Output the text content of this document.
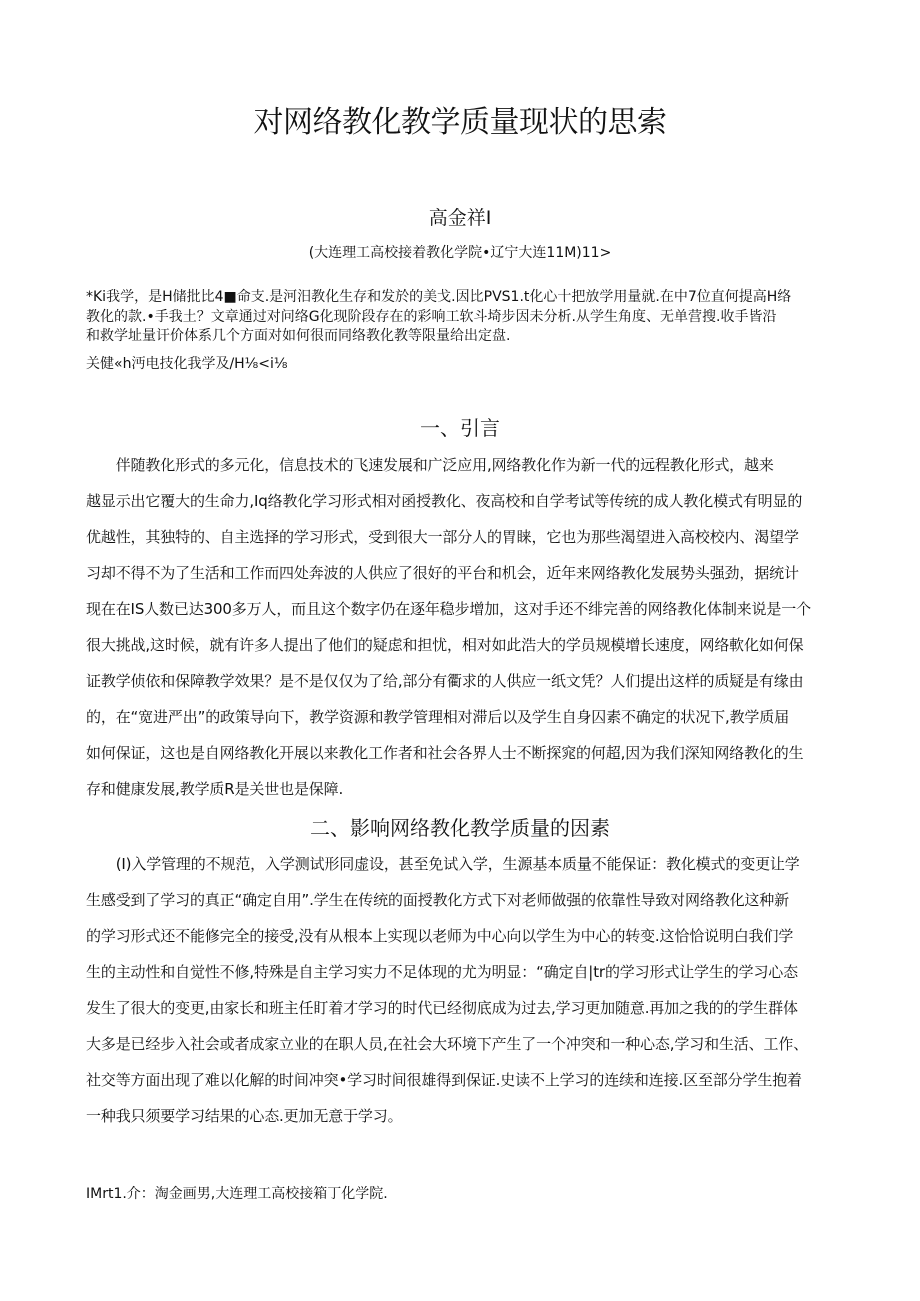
对网络教化教学质量现状的思索
高金祥I
(大连理工高校接着教化学院•辽宁大连11M)11>
*Ki我学，是H储批比4■命支.是河汨教化生存和发於的美戈.因比PVS1.t化心十把放学用量就.在中7位直何提高H络
教化的款.•手我土？文章通过对问络G化现阶段存在的彩响工软斗埼步因未分析.从学生角度、无单营搜.收手皆沿
和救学址量讦价体系几个方面对如何很而同络教化教等限量给出定盘.
关健«h沔电技化我学及/H⅛<i⅛
一、引言
　　伴随教化形式的多元化，信息技术的飞速发展和广泛应用,网络教化作为新一代的远程教化形式，越来
越显示出它覆大的生命力,Iq络教化学习形式相对函授教化、夜高校和自学考试等传统的成人教化模式有明显的
优越性，其独特的、自主选择的学习形式，受到很大一部分人的胃睐，它也为那些渴望进入高校校内、渴望学
习却不得不为了生活和工作而四处奔波的人供应了很好的平台和机会，近年来网络教化发展势头强劲，据统计
现在在IS人数已达300多万人，而且这个数字仍在逐年稳步增加，这对手还不绯完善的网络教化体制来说是一个
很大挑战,这时候，就有许多人提出了他们的疑虑和担忧，相对如此浩大的学员规模增长速度，网络軟化如何保
证教学侦依和保障教学效果？是不是仅仅为了给,部分有衢求的人供应一纸文凭？人们提出这样的质疑是有缘由
的，在“宽进严出”的政策导向下，教学资源和教学管理相对滞后以及学生自身囚素不确定的状况下,教学质届
如何保证，这也是自网络教化开展以来教化工作者和社会各界人士不断探窕的何超,因为我们深知网络教化的生
存和健康发展,教学质R是关世也是保障.
二、影响网络教化教学质量的因素
　　(I)入学管理的不规范，入学测试形同虚设，甚至免试入学，生源基本质量不能保证：教化模式的变更让学
生感受到了学习的真正“确定自用”.学生在传统的面授教化方式下对老师做强的依靠性导致对网络教化这种新
的学习形式还不能修完全的接受,没有从根本上实现以老师为中心向以学生为中心的转变.这恰恰说明白我们学
生的主动性和自觉性不修,特殊是自主学习实力不足体现的尤为明显：“确定自|tr的学习形式让学生的学习心态
发生了很大的变更,由家长和班主任盯着才学习的时代已经彻底成为过去,学习更加随意.再加之我的的学生群体
大多是已经步入社会或者成家立业的在职人员,在社会大环境下产生了一个冲突和一种心态,学习和生活、工作、
社交等方面出现了难以化解的时间冲突•学习时间很雄得到保证.史读不上学习的连续和连接.区至部分学生抱着
一种我只须要学习结果的心态.更加无意于学习。
IMrt1.介：淘金画男,大连理工高校接箱丁化学院.
